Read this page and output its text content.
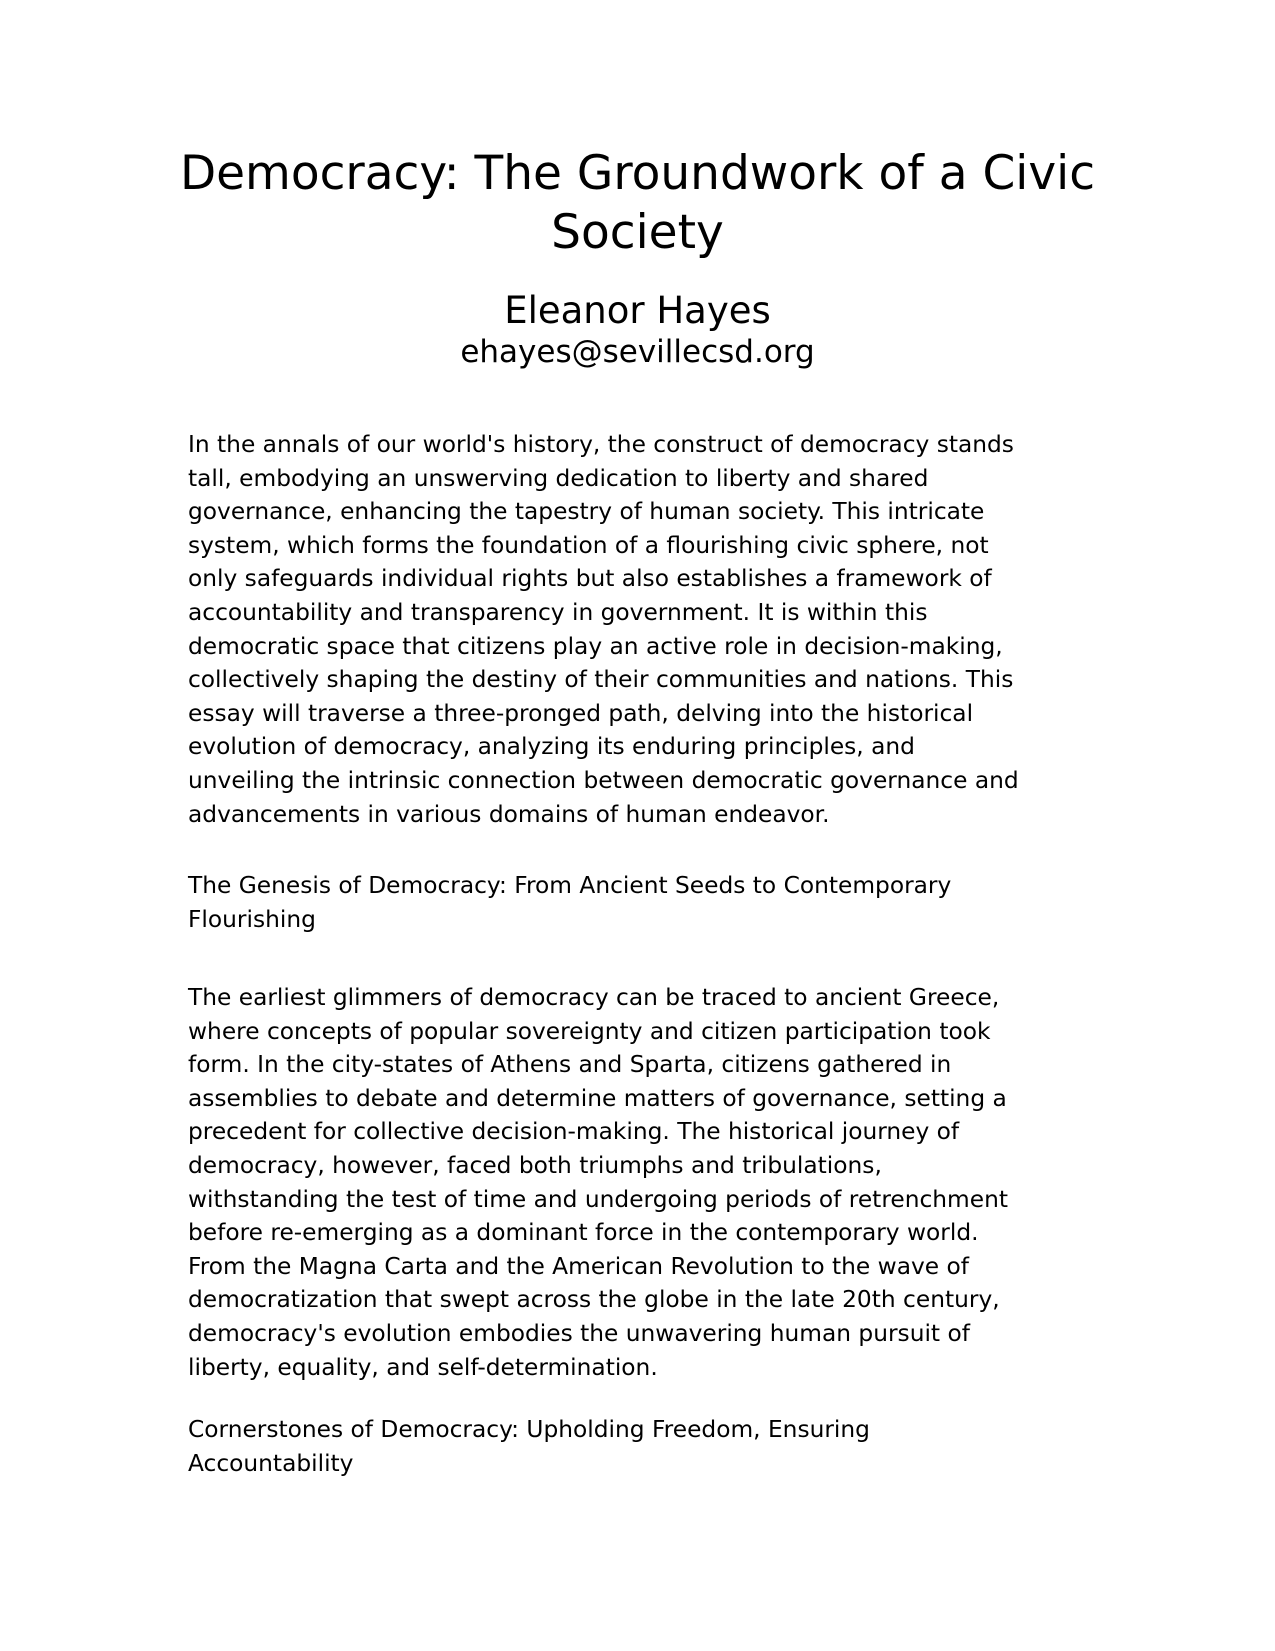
Democracy: The Groundwork of a Civic
Society
Eleanor Hayes
ehayes@sevillecsd.org

In the annals of our world's history, the construct of democracy stands
tall, embodying an unswerving dedication to liberty and shared
governance, enhancing the tapestry of human society. This intricate
system, which forms the foundation of a flourishing civic sphere, not
only safeguards individual rights but also establishes a framework of
accountability and transparency in government. It is within this
democratic space that citizens play an active role in decision-making,
collectively shaping the destiny of their communities and nations. This
essay will traverse a three-pronged path, delving into the historical
evolution of democracy, analyzing its enduring principles, and
unveiling the intrinsic connection between democratic governance and
advancements in various domains of human endeavor.

The Genesis of Democracy: From Ancient Seeds to Contemporary
Flourishing

The earliest glimmers of democracy can be traced to ancient Greece,
where concepts of popular sovereignty and citizen participation took
form. In the city-states of Athens and Sparta, citizens gathered in
assemblies to debate and determine matters of governance, setting a
precedent for collective decision-making. The historical journey of
democracy, however, faced both triumphs and tribulations,
withstanding the test of time and undergoing periods of retrenchment
before re-emerging as a dominant force in the contemporary world.
From the Magna Carta and the American Revolution to the wave of
democratization that swept across the globe in the late 20th century,
democracy's evolution embodies the unwavering human pursuit of
liberty, equality, and self-determination.

Cornerstones of Democracy: Upholding Freedom, Ensuring
Accountability
